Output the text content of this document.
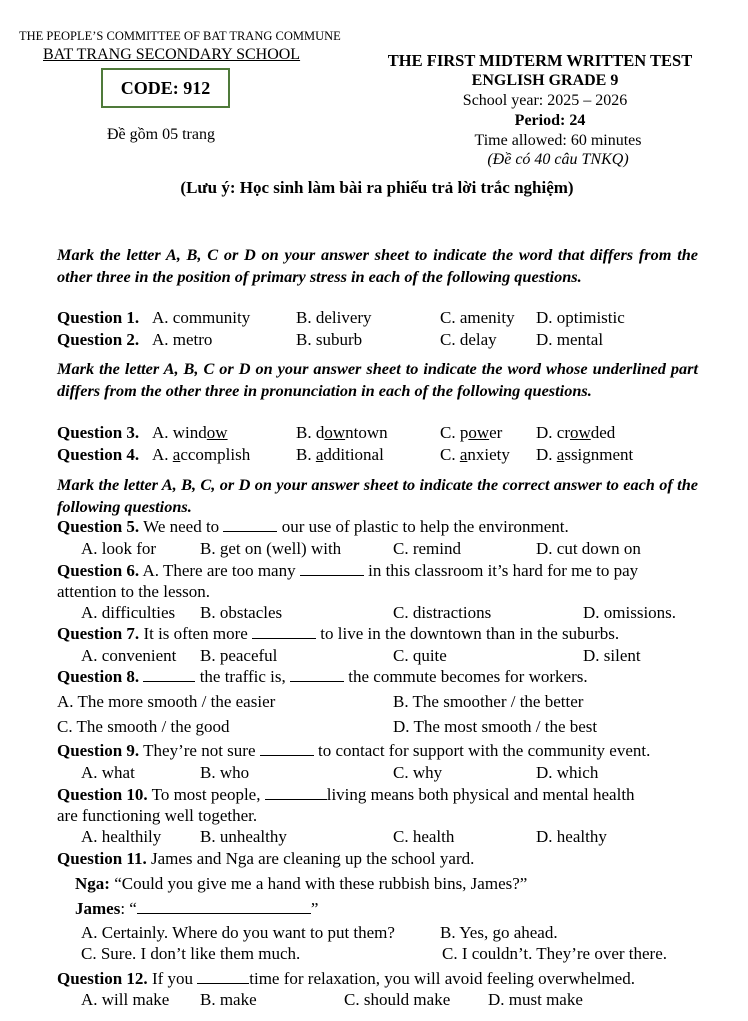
THE PEOPLE’S COMMITTEE OF BAT TRANG COMMUNE
BAT TRANG SECONDARY SCHOOL
CODE: 912
Đề gồm 05 trang
THE FIRST MIDTERM WRITTEN TEST
ENGLISH GRADE 9
School year: 2025 – 2026
Period: 24
Time allowed: 60 minutes
(Đề có 40 câu TNKQ)
(Lưu ý: Học sinh làm bài ra phiếu trả lời trắc nghiệm)
Mark the letter A, B, C or D on your answer sheet to indicate the word that differs from the other three in the position of primary stress in each of the following questions.
Question 1. A. community	B. delivery	C. amenity D. optimistic
Question 2. A. metro	B. suburb	C. delay D. mental
Mark the letter A, B, C or D on your answer sheet to indicate the word whose underlined part differs from the other three in pronunciation in each of the following questions.
Question 3. A. window	B. downtown	C. power D. crowded
Question 4. A. accomplish	B. additional	C. anxiety D. assignment
Mark the letter A, B, C, or D on your answer sheet to indicate the correct answer to each of the following questions.
Question 5. We need to	our use of plastic to help the environment.
A. look for	B. get on (well) with	C. remind	D. cut down on
Question 6. A. There are too many	in this classroom it’s hard for me to pay
attention to the lesson.
A. difficulties B. obstacles	C. distractions	D. omissions.
Question 7. It is often more	to live in the downtown than in the suburbs.
A. convenient B. peaceful	C. quite	D. silent
Question 8.	the traffic is,	the commute becomes for workers.
A. The more smooth / the easier	B. The smoother / the better
C. The smooth / the good	D. The most smooth / the best
Question 9. They’re not sure	to contact for support with the community event.
A. what	B. who	C. why	D. which
Question 10. To most people,	living means both physical and mental health
are functioning well together.
A. healthily B. unhealthy	C. health	D. healthy
Question 11. James and Nga are cleaning up the school yard.
Nga: “Could you give me a hand with these rubbish bins, James?”
James: “	”
A. Certainly. Where do you want to put them?	B. Yes, go ahead.
C. Sure. I don’t like them much.	C. I couldn’t. They’re over there.
Question 12. If you	time for relaxation, you will avoid feeling overwhelmed.
A. will make B. make	C. should make D. must make
